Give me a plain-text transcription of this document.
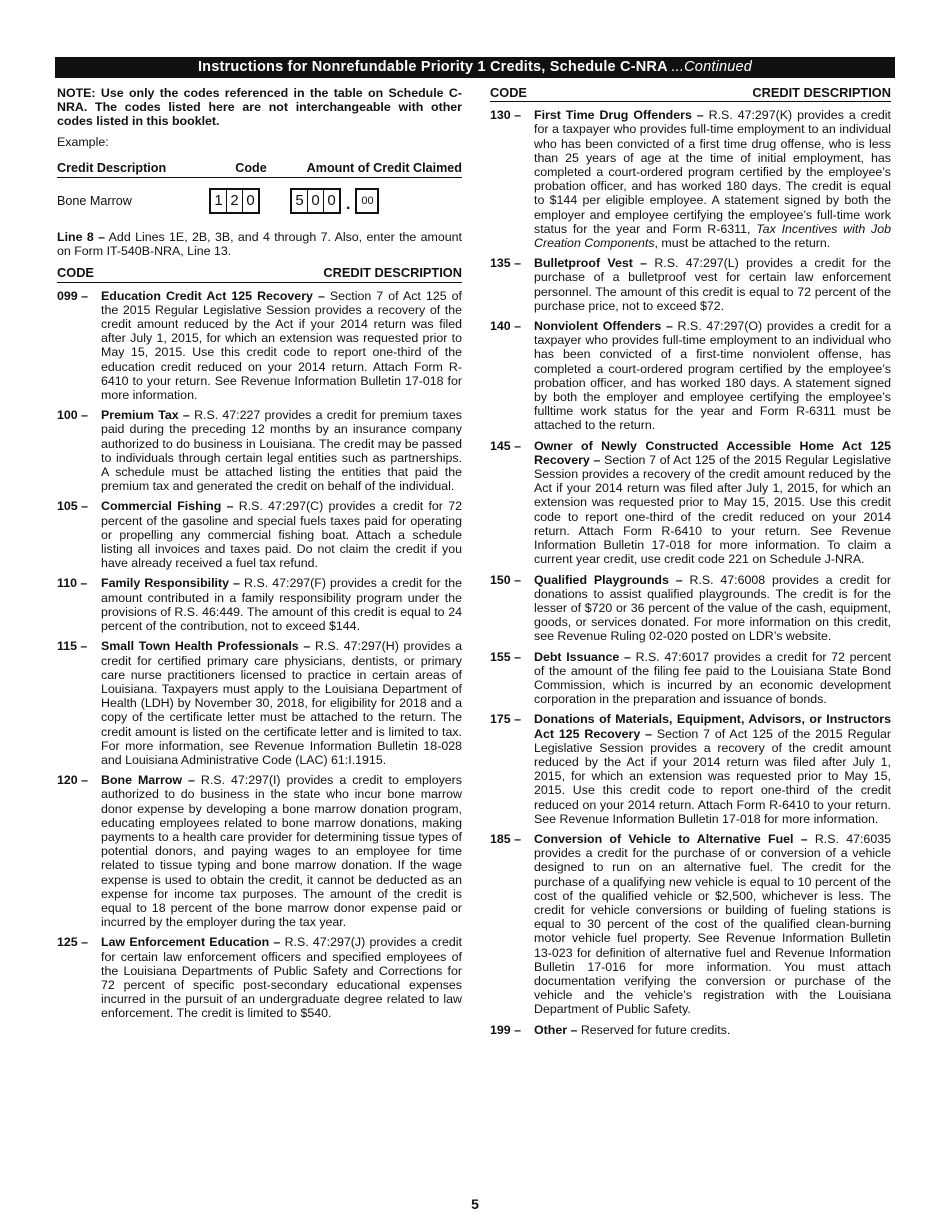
Instructions for Nonrefundable Priority 1 Credits, Schedule C-NRA ...Continued

NOTE: Use only the codes referenced in the table on Schedule C-NRA. The codes listed here are not interchangeable with other codes listed in this booklet.

Example:

Credit Description	Code	Amount of Credit Claimed
Bone Marrow	1 2 0	5 0 0 . 00

Line 8 – Add Lines 1E, 2B, 3B, and 4 through 7. Also, enter the amount on Form IT-540B-NRA, Line 13.

CODE	CREDIT DESCRIPTION

099 – Education Credit Act 125 Recovery – Section 7 of Act 125 of the 2015 Regular Legislative Session provides a recovery of the credit amount reduced by the Act if your 2014 return was filed after July 1, 2015, for which an extension was requested prior to May 15, 2015. Use this credit code to report one-third of the education credit reduced on your 2014 return. Attach Form R-6410 to your return. See Revenue Information Bulletin 17-018 for more information.

100 – Premium Tax – R.S. 47:227 provides a credit for premium taxes paid during the preceding 12 months by an insurance company authorized to do business in Louisiana. The credit may be passed to individuals through certain legal entities such as partnerships. A schedule must be attached listing the entities that paid the premium tax and generated the credit on behalf of the individual.

105 – Commercial Fishing – R.S. 47:297(C) provides a credit for 72 percent of the gasoline and special fuels taxes paid for operating or propelling any commercial fishing boat. Attach a schedule listing all invoices and taxes paid. Do not claim the credit if you have already received a fuel tax refund.

110 – Family Responsibility – R.S. 47:297(F) provides a credit for the amount contributed in a family responsibility program under the provisions of R.S. 46:449. The amount of this credit is equal to 24 percent of the contribution, not to exceed $144.

115 – Small Town Health Professionals – R.S. 47:297(H) provides a credit for certified primary care physicians, dentists, or primary care nurse practitioners licensed to practice in certain areas of Louisiana. Taxpayers must apply to the Louisiana Department of Health (LDH) by November 30, 2018, for eligibility for 2018 and a copy of the certificate letter must be attached to the return. The credit amount is listed on the certificate letter and is limited to tax. For more information, see Revenue Information Bulletin 18-028 and Louisiana Administrative Code (LAC) 61:I.1915.

120 – Bone Marrow – R.S. 47:297(I) provides a credit to employers authorized to do business in the state who incur bone marrow donor expense by developing a bone marrow donation program, educating employees related to bone marrow donations, making payments to a health care provider for determining tissue types of potential donors, and paying wages to an employee for time related to tissue typing and bone marrow donation. If the wage expense is used to obtain the credit, it cannot be deducted as an expense for income tax purposes. The amount of the credit is equal to 18 percent of the bone marrow donor expense paid or incurred by the employer during the tax year.

125 – Law Enforcement Education – R.S. 47:297(J) provides a credit for certain law enforcement officers and specified employees of the Louisiana Departments of Public Safety and Corrections for 72 percent of specific post-secondary educational expenses incurred in the pursuit of an undergraduate degree related to law enforcement. The credit is limited to $540.

CODE	CREDIT DESCRIPTION

130 – First Time Drug Offenders – R.S. 47:297(K) provides a credit for a taxpayer who provides full-time employment to an individual who has been convicted of a first time drug offense, who is less than 25 years of age at the time of initial employment, has completed a court-ordered program certified by the employee’s probation officer, and has worked 180 days. The credit is equal to $144 per eligible employee. A statement signed by both the employer and employee certifying the employee’s full-time work status for the year and Form R-6311, Tax Incentives with Job Creation Components, must be attached to the return.

135 – Bulletproof Vest – R.S. 47:297(L) provides a credit for the purchase of a bulletproof vest for certain law enforcement personnel. The amount of this credit is equal to 72 percent of the purchase price, not to exceed $72.

140 – Nonviolent Offenders – R.S. 47:297(O) provides a credit for a taxpayer who provides full-time employment to an individual who has been convicted of a first-time nonviolent offense, has completed a court-ordered program certified by the employee’s probation officer, and has worked 180 days. A statement signed by both the employer and employee certifying the employee’s fulltime work status for the year and Form R-6311 must be attached to the return.

145 – Owner of Newly Constructed Accessible Home Act 125 Recovery – Section 7 of Act 125 of the 2015 Regular Legislative Session provides a recovery of the credit amount reduced by the Act if your 2014 return was filed after July 1, 2015, for which an extension was requested prior to May 15, 2015. Use this credit code to report one-third of the credit reduced on your 2014 return. Attach Form R-6410 to your return. See Revenue Information Bulletin 17-018 for more information. To claim a current year credit, use credit code 221 on Schedule J-NRA.

150 – Qualified Playgrounds – R.S. 47:6008 provides a credit for donations to assist qualified playgrounds. The credit is for the lesser of $720 or 36 percent of the value of the cash, equipment, goods, or services donated. For more information on this credit, see Revenue Ruling 02-020 posted on LDR’s website.

155 – Debt Issuance – R.S. 47:6017 provides a credit for 72 percent of the amount of the filing fee paid to the Louisiana State Bond Commission, which is incurred by an economic development corporation in the preparation and issuance of bonds.

175 – Donations of Materials, Equipment, Advisors, or Instructors Act 125 Recovery – Section 7 of Act 125 of the 2015 Regular Legislative Session provides a recovery of the credit amount reduced by the Act if your 2014 return was filed after July 1, 2015, for which an extension was requested prior to May 15, 2015. Use this credit code to report one-third of the credit reduced on your 2014 return. Attach Form R-6410 to your return. See Revenue Information Bulletin 17-018 for more information.

185 – Conversion of Vehicle to Alternative Fuel – R.S. 47:6035 provides a credit for the purchase of or conversion of a vehicle designed to run on an alternative fuel. The credit for the purchase of a qualifying new vehicle is equal to 10 percent of the cost of the qualified vehicle or $2,500, whichever is less. The credit for vehicle conversions or building of fueling stations is equal to 30 percent of the cost of the qualified clean-burning motor vehicle fuel property. See Revenue Information Bulletin 13-023 for definition of alternative fuel and Revenue Information Bulletin 17-016 for more information. You must attach documentation verifying the conversion or purchase of the vehicle and the vehicle’s registration with the Louisiana Department of Public Safety.

199 – Other – Reserved for future credits.

5
